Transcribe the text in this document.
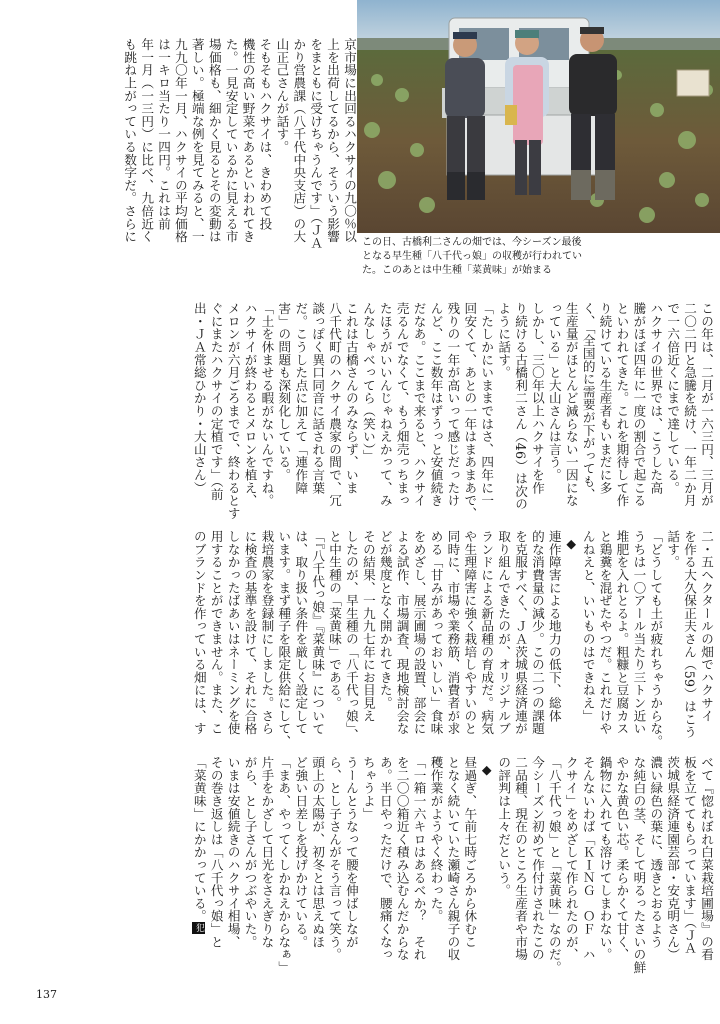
この日、古橋利二さんの畑では、今シーズン最後
となる早生種「八千代っ娘」の収穫が行われてい
た。このあとは中生種「菜黄味」が始まる
京市場に出回るハクサイの九〇％以
上を出荷してるから、そういう影響
をまともに受けちゃうんです」（ＪＡ
かり営農課（八千代中央支店）の大
山正己さんが話す。
そもそもハクサイは、きわめて投
機性の高い野菜であるといわれてき
た。一見安定しているかに見える市
場価格も、細かく見るとその変動は
著しい。極端な例を見てみると、一
九九〇年一月、ハクサイの平均価格
は一キロ当たり一四円。これは前
年一月（一三円）に比べ、九倍近く
も跳ね上がっている数字だ。さらに
この年は、二月が一六三円、三月が
二〇二円と急騰を続け、一年二か月
で一六倍近くにまで達している。
ハクサイの世界では、こうした高
騰がほぼ四年に一度の割合で起こる
といわれてきた。これを期待して作
り続けている生産者もいまだに多
く、「全国的に需要が下がっても、
生産量がほとんど減らない一因にな
っている」と大山さんは言う。
しかし、三〇年以上ハクサイを作
り続ける古橋利二さん（46）は次の
ように話す。
「たしかにいままではさ、四年に一
回安くて、あとの一年はまあまあで、
残りの一年が高いって感じだったけ
んど、ここ数年はずうっと安値続き
だなあ。ここまで来ると、ハクサイ
売るんでなくて、もう畑売っちまっ
たほうがいいんじゃねえかって、み
んなしゃべってら（笑い）」
これは古橋さんのみならず、いま
八千代町のハクサイ農家の間で、冗
談っぽく異口同音に話される言葉
だ。こうした点に加えて「連作障
害」の問題も深刻化している。
「土を休ませる暇がないんですね。
ハクサイが終わるとメロンを植え、
メロンが六月ごろまでで、終わるとす
ぐにまたハクサイの定植です」（前
出・ＪＡ常総ひかり・大山さん）
二・五ヘクタールの畑でハクサイ
を作る大久保正夫さん（59）はこう
話す。
「どうしても土が疲れちゃうからな。
うちは一〇アール当たり三トン近い
堆肥を入れとるよ。粗糠と豆腐カス
と鶏糞を混ぜたやつだ。これだけや
んねえと、いいものはできねえ」
◆
連作障害による地力の低下、総体
的な消費量の減少。この二つの課題
を克服すべく、ＪＡ茨城県経済連が
取り組んできたのが、オリジナルブ
ランドによる新品種の育成だ。病気
や生理障害に強く栽培しやすいのと
同時に、市場や業務筋、消費者が求
める「甘みがあっておいしい」食味
をめざし、展示圃場の設置、部会に
よる試作、市場調査、現地検討会な
どが幾度となく開かれてきた。
その結果、一九九七年にお目見え
したのが、早生種の「八千代っ娘」、
と中生種の「菜黄味」である。
「『八千代っ娘』『菜黄味』について
は、取り扱い条件を厳しく設定して
います。まず種子を限定供給にして、
栽培農家を登録制にしました。さら
に検査の基準を設けて、それに合格
しなかったばあいはネーミングを使
用することができません。また、こ
のブランドを作っている畑には、す
べて『惚れぼれ白菜栽培圃場』の看
板を立ててもらっています」（ＪＡ
茨城県経済連園芸部・安克明さん）
濃い緑色の葉に、透きとおるよう
な純白の茎、そして明るったさいの鮮
やかな黄色い芯。柔らかくて甘く、
鍋物に入れても溶けてしまわない。
そんないわば「ＫＩＮＧ　ＯＦ　ハ
クサイ」をめざして作られたのが、
「八千代っ娘」と「菜黄味」なのだ。
今シーズン初めて作付けされたこの
二品種、現在のところ生産者や市場
の評判は上々だという。
◆
昼過ぎ、午前七時ごろから休むこ
となく続いていた瀬崎さん親子の収
穫作業がようやく終わった。
「一箱一六キロはあるべか？　それ
を二〇〇箱近く積み込むんだからな
あ。半日やっただけで、腰痛くなっ
ちゃうよ」
うーんとうなって腰を伸ばしなが
ら、とし子さんがそう言って笑う。
頭上の太陽が、初冬とは思えぬほ
ど強い日差しを投げかけている。
「まあ、やってくしかねえからなぁ」
片手をかざして日光をさえぎりな
がら、とし子さんがつぶやいた。
いまは安値続きのハクサイ相場、
その巻き返しは「八千代っ娘」と
「菜黄味」にかかっている。犯
137
